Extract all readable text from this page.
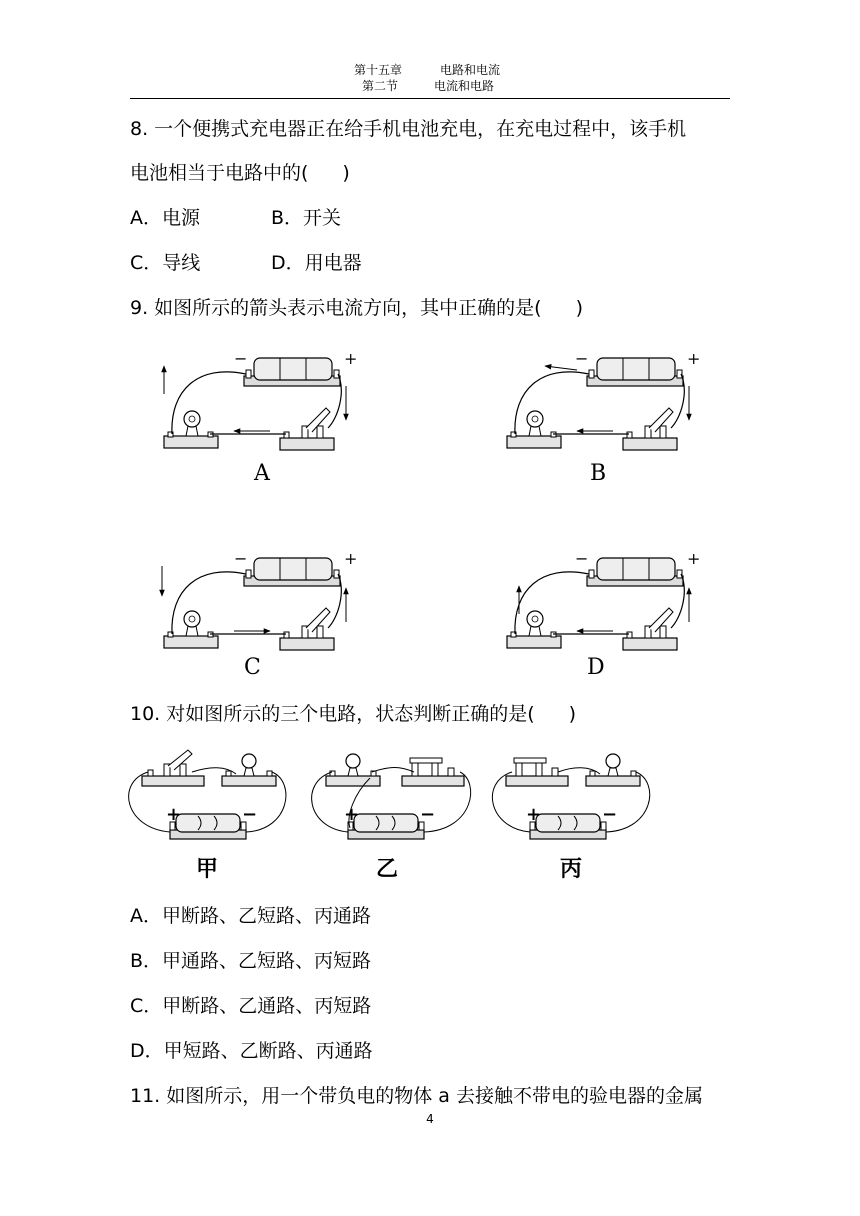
第十五章	电路和电流
第二节	电流和电路
8. 一个便携式充电器正在给手机电池充电，在充电过程中，该手机
电池相当于电路中的( )
A．电源	B．开关
C．导线	D．用电器
9. 如图所示的箭头表示电流方向，其中正确的是( )
−	+
A
−	+
B
−	+
C
−	+
D
10. 对如图所示的三个电路，状态判断正确的是( )
+	−
甲
+	−
乙
+	−
丙
A．甲断路、乙短路、丙通路
B．甲通路、乙短路、丙短路
C．甲断路、乙通路、丙短路
D．甲短路、乙断路、丙通路
11. 如图所示，用一个带负电的物体 a 去接触不带电的验电器的金属
4
